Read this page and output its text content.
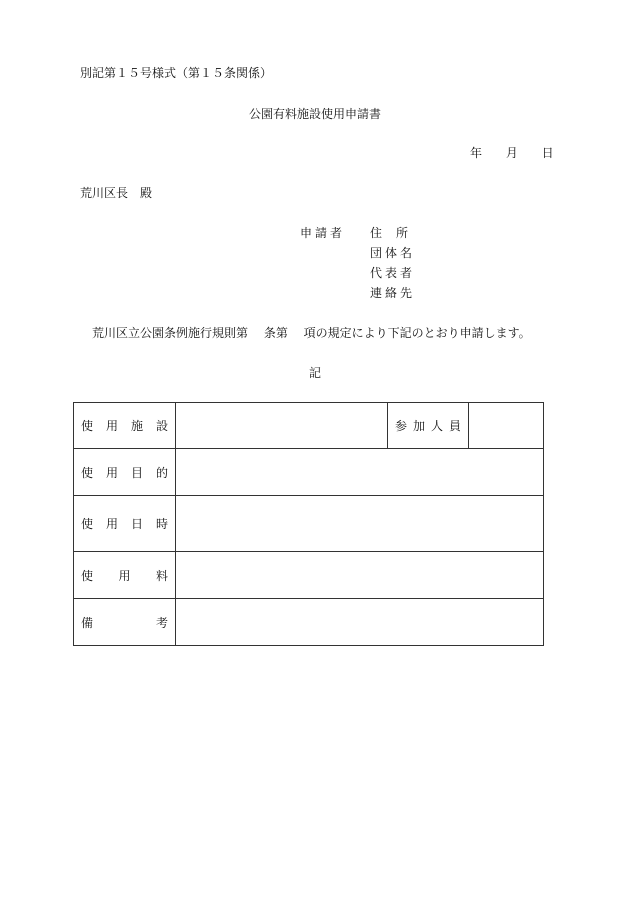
別記第１５号様式（第１５条関係）
公園有料施設使用申請書
年 月 日
荒川区長　殿
申請者 住所
団体名
代表者
連絡先
荒川区立公園条例施行規則第 条第 項の規定により下記のとおり申請します。
記
使 用 施 設		参 加 人 員	

使 用 目 的			

使 用 日 時			

使 用 料			

備 考			
